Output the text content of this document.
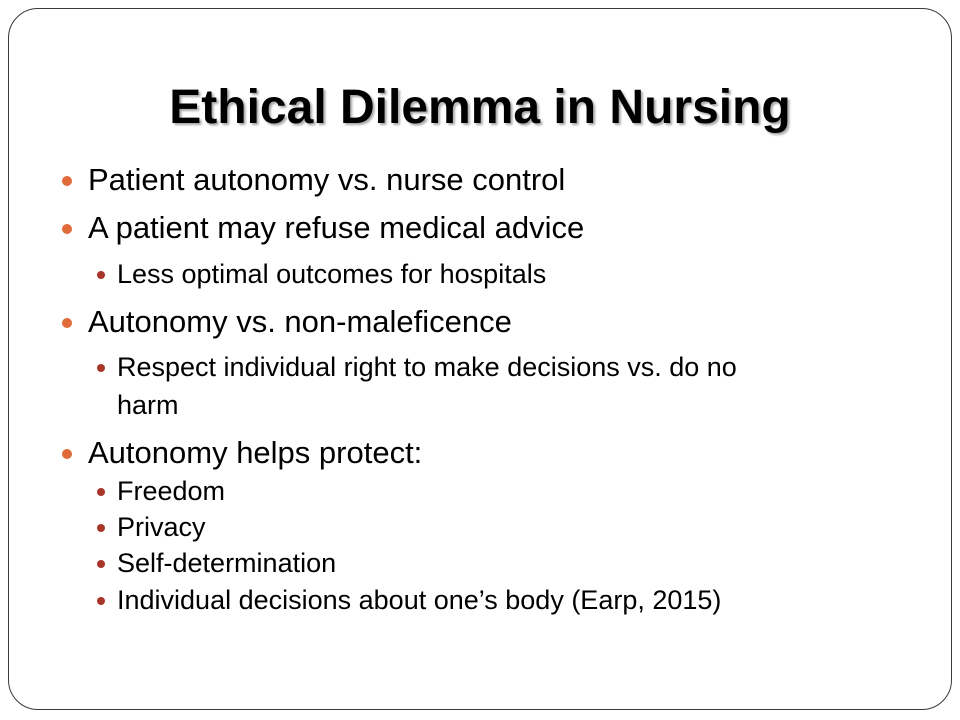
Ethical Dilemma in Nursing
Patient autonomy vs. nurse control
A patient may refuse medical advice
Less optimal outcomes for hospitals
Autonomy vs. non-maleficence
Respect individual right to make decisions vs. do no
harm
Autonomy helps protect:
Freedom
Privacy
Self-determination
Individual decisions about one’s body (Earp, 2015)
